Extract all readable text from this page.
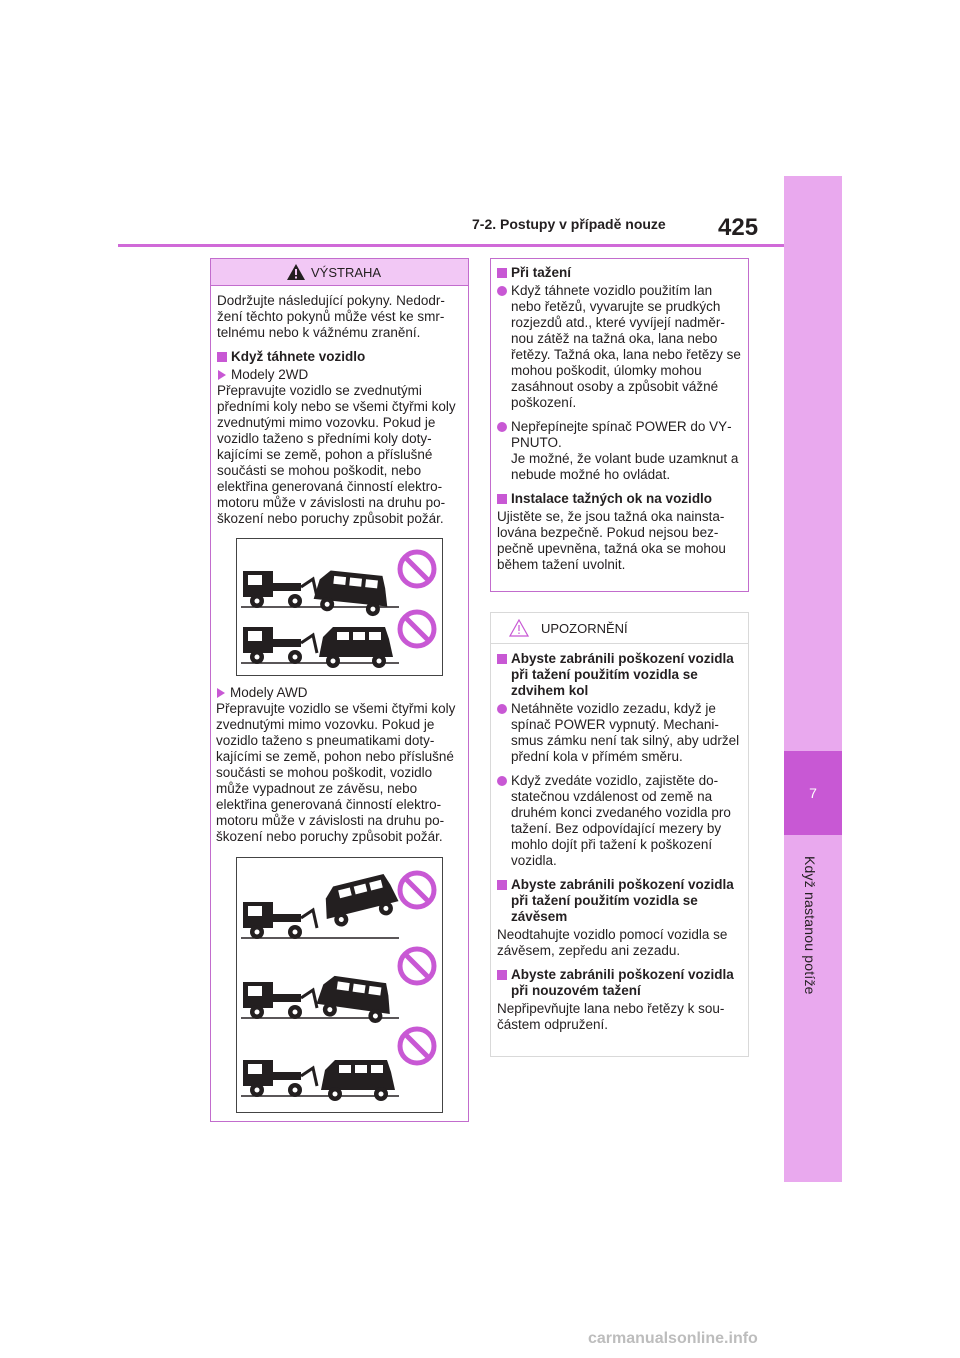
7-2. Postupy v případě nouze 425
7
Když nastanou potíže
VÝSTRAHA

Dodržujte následující pokyny. Nedodržení těchto pokynů může vést ke smrtelnému nebo k vážnému zranění.

Když táhnete vozidlo
Modely 2WD

Přepravujte vozidlo se zvednutými předními koly nebo se všemi čtyřmi koly zvednutými mimo vozovku. Pokud je vozidlo taženo s předními koly dotykajícími se země, pohon a příslušné součásti se mohou poškodit, nebo elektřina generovaná činností elektromotoru může v závislosti na druhu poškození nebo poruchy způsobit požár.

Modely AWD

Přepravujte vozidlo se všemi čtyřmi koly zvednutými mimo vozovku. Pokud je vozidlo taženo s pneumatikami dotykajícími se země, pohon nebo příslušné součásti se mohou poškodit, vozidlo může vypadnout ze závěsu, nebo elektřina generovaná činností elektromotoru může v závislosti na druhu poškození nebo poruchy způsobit požár.

Při tažení
Když táhnete vozidlo použitím lan nebo řetězů, vyvarujte se prudkých rozjezdů atd., které vyvíjejí nadměrnou zátěž na tažná oka, lana nebo řetězy. Tažná oka, lana nebo řetězy se mohou poškodit, úlomky mohou zasáhnout osoby a způsobit vážné poškození.
Nepřepínejte spínač POWER do VYPNUTO.
Je možné, že volant bude uzamknut a nebude možné ho ovládat.
Instalace tažných ok na vozidlo

Ujistěte se, že jsou tažná oka nainstalována bezpečně. Pokud nejsou bezpečně upevněna, tažná oka se mohou během tažení uvolnit.

UPOZORNĚNÍ
Abyste zabránili poškození vozidla při tažení použitím vozidla se zdvihem kol
Netáhněte vozidlo zezadu, když je spínač POWER vypnutý. Mechanismus zámku není tak silný, aby udržel přední kola v přímém směru.
Když zvedáte vozidlo, zajistěte dostatečnou vzdálenost od země na druhém konci zvedaného vozidla pro tažení. Bez odpovídající mezery by mohlo dojít při tažení k poškození vozidla.
Abyste zabránili poškození vozidla při tažení použitím vozidla se závěsem

Neodtahujte vozidlo pomocí vozidla se závěsem, zepředu ani zezadu.

Abyste zabránili poškození vozidla při nouzovém tažení

Nepřipevňujte lana nebo řetězy k součástem odpružení.

carmanualsonline.info
